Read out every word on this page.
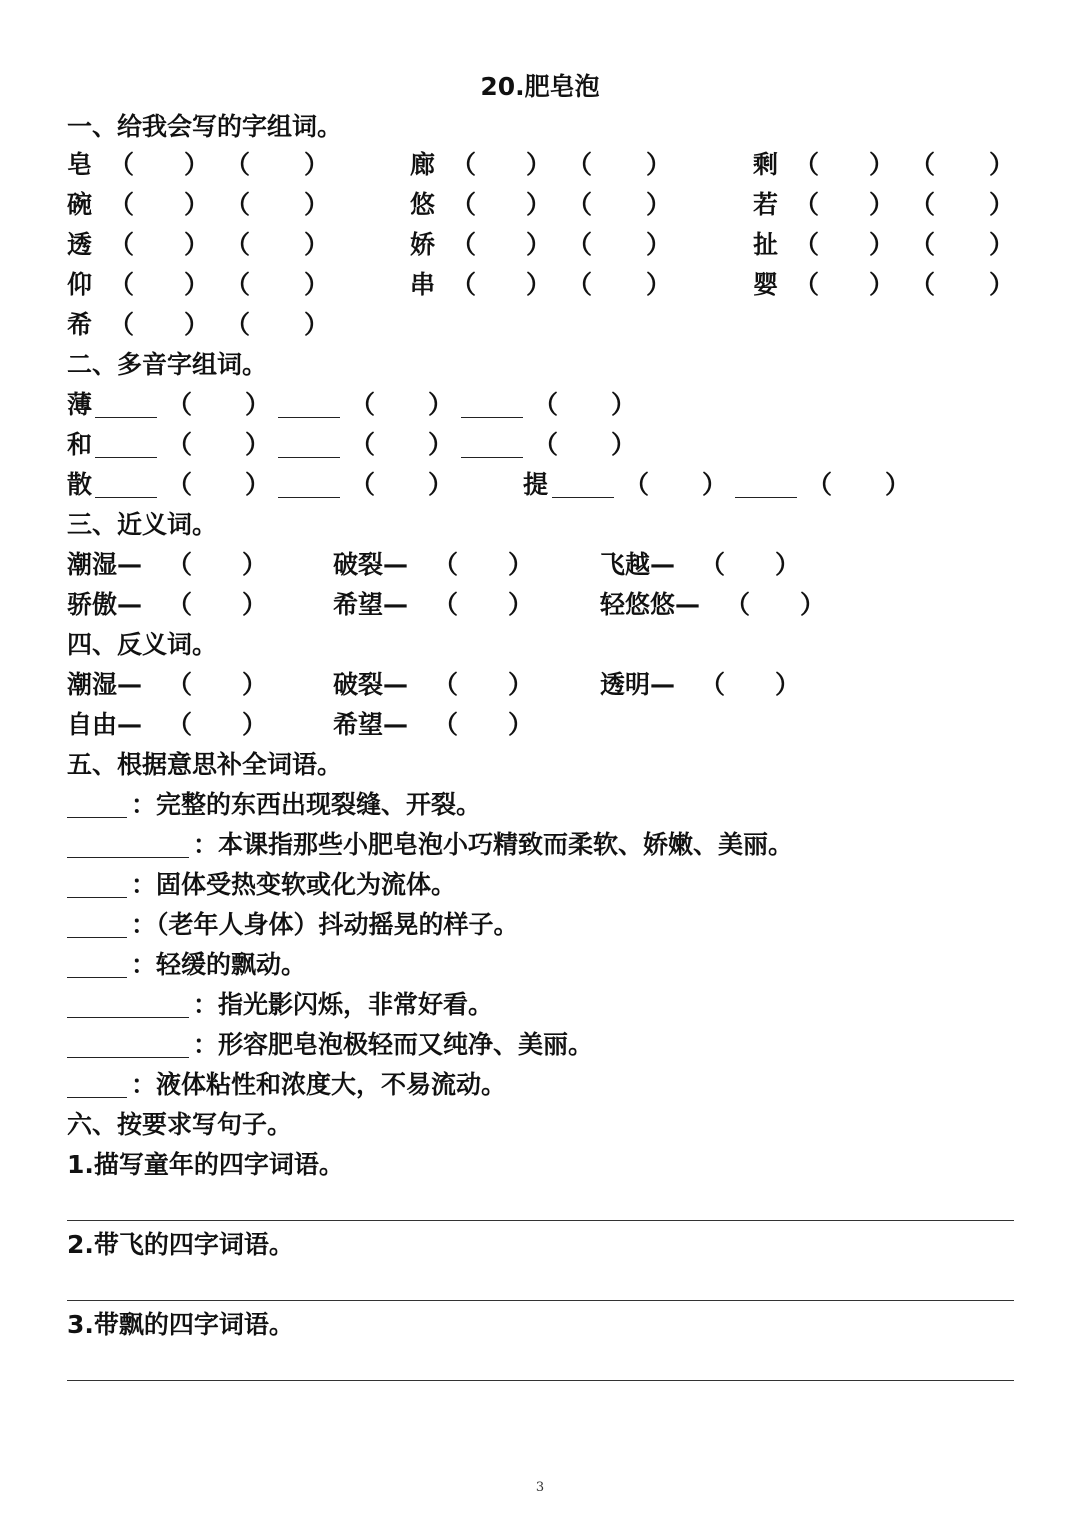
20.肥皂泡
一、给我会写的字组词。
皂 （ ） （ ）	廊 （ ） （ ）	剩 （ ） （ ）
碗 （ ） （ ）	悠 （ ） （ ）	若 （ ） （ ）
透 （ ） （ ）	娇 （ ） （ ）	扯 （ ） （ ）
仰 （ ） （ ）	串 （ ） （ ）	婴 （ ） （ ）
希 （ ） （ ）
二、多音字组词。
薄	（ ）	（ ）	（ ）
和	（ ）	（ ）	（ ）
散	（ ）	（ ）	提	（ ）	（ ）
三、近义词。
潮湿— （ ）	破裂— （ ）	飞越— （ ）
骄傲— （ ）	希望— （ ）	轻悠悠— （ ）
四、反义词。
潮湿— （ ）	破裂— （ ）	透明— （ ）
自由— （ ）	希望— （ ）
五、根据意思补全词语。
：完整的东西出现裂缝、开裂。
：本课指那些小肥皂泡小巧精致而柔软、娇嫩、美丽。
：固体受热变软或化为流体。
：（老年人身体）抖动摇晃的样子。
：轻缓的飘动。
：指光影闪烁，非常好看。
：形容肥皂泡极轻而又纯净、美丽。
：液体粘性和浓度大，不易流动。
六、按要求写句子。
1.描写童年的四字词语。
2.带飞的四字词语。
3.带飘的四字词语。
3
